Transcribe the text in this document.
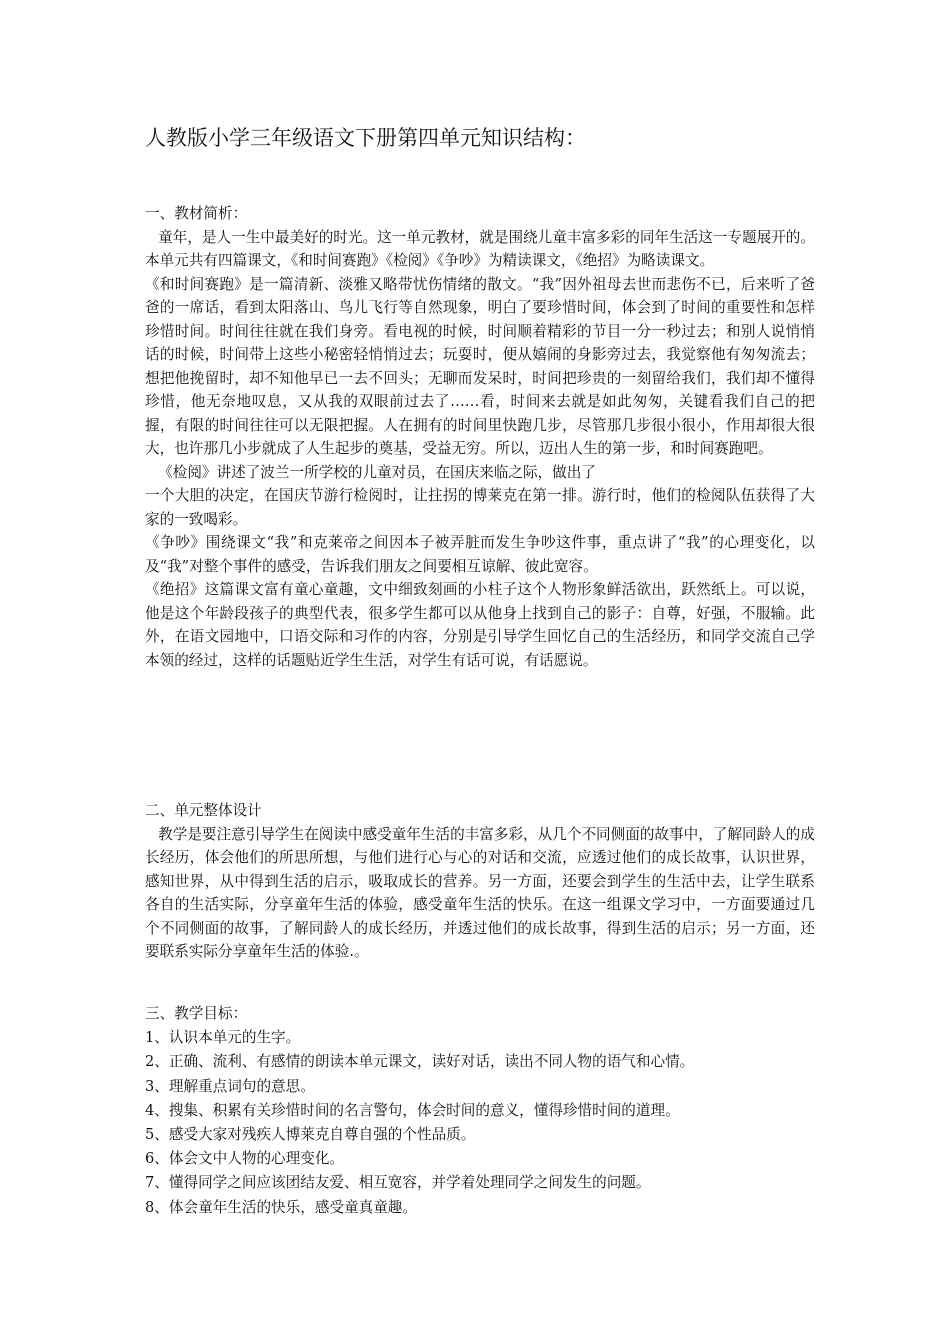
人教版小学三年级语文下册第四单元知识结构：

一、教材简析：

童年，是人一生中最美好的时光。这一单元教材，就是围绕儿童丰富多彩的同年生活这一专题展开的。本单元共有四篇课文，《和时间赛跑》《检阅》《争吵》为精读课文，《绝招》为略读课文。

《和时间赛跑》是一篇清新、淡雅又略带忧伤情绪的散文。“我”因外祖母去世而悲伤不已，后来听了爸爸的一席话，看到太阳落山、鸟儿飞行等自然现象，明白了要珍惜时间，体会到了时间的重要性和怎样珍惜时间。时间往往就在我们身旁。看电视的时候，时间顺着精彩的节目一分一秒过去；和别人说悄悄话的时候，时间带上这些小秘密轻悄悄过去；玩耍时，便从嬉闹的身影旁过去，我觉察他有匆匆流去；想把他挽留时，却不知他早已一去不回头；无聊而发呆时，时间把珍贵的一刻留给我们，我们却不懂得珍惜，他无奈地叹息，又从我的双眼前过去了……看，时间来去就是如此匆匆，关键看我们自己的把握，有限的时间往往可以无限把握。人在拥有的时间里快跑几步，尽管那几步很小很小，作用却很大很大，也许那几小步就成了人生起步的奠基，受益无穷。所以，迈出人生的第一步，和时间赛跑吧。

《检阅》讲述了波兰一所学校的儿童对员，在国庆来临之际，做出了

一个大胆的决定，在国庆节游行检阅时，让拄拐的博莱克在第一排。游行时，他们的检阅队伍获得了大家的一致喝彩。

《争吵》围绕课文“我”和克莱帝之间因本子被弄脏而发生争吵这件事，重点讲了“我”的心理变化，以及“我”对整个事件的感受，告诉我们朋友之间要相互谅解、彼此宽容。

《绝招》这篇课文富有童心童趣，文中细致刻画的小柱子这个人物形象鲜活欲出，跃然纸上。可以说，他是这个年龄段孩子的典型代表，很多学生都可以从他身上找到自己的影子：自尊，好强，不服输。此外，在语文园地中，口语交际和习作的内容，分别是引导学生回忆自己的生活经历，和同学交流自己学本领的经过，这样的话题贴近学生生活，对学生有话可说，有话愿说。

二、单元整体设计

教学是要注意引导学生在阅读中感受童年生活的丰富多彩，从几个不同侧面的故事中，了解同龄人的成长经历，体会他们的所思所想，与他们进行心与心的对话和交流，应透过他们的成长故事，认识世界，感知世界，从中得到生活的启示，吸取成长的营养。另一方面，还要会到学生的生活中去，让学生联系各自的生活实际，分享童年生活的体验，感受童年生活的快乐。在这一组课文学习中，一方面要通过几个不同侧面的故事，了解同龄人的成长经历，并透过他们的成长故事，得到生活的启示；另一方面，还要联系实际分享童年生活的体验.。

三、教学目标：

1、认识本单元的生字。
2、正确、流利、有感情的朗读本单元课文，读好对话，读出不同人物的语气和心情。
3、理解重点词句的意思。
4、搜集、积累有关珍惜时间的名言警句，体会时间的意义，懂得珍惜时间的道理。
5、感受大家对残疾人博莱克自尊自强的个性品质。
6、体会文中人物的心理变化。
7、懂得同学之间应该团结友爱、相互宽容，并学着处理同学之间发生的问题。
8、体会童年生活的快乐，感受童真童趣。
